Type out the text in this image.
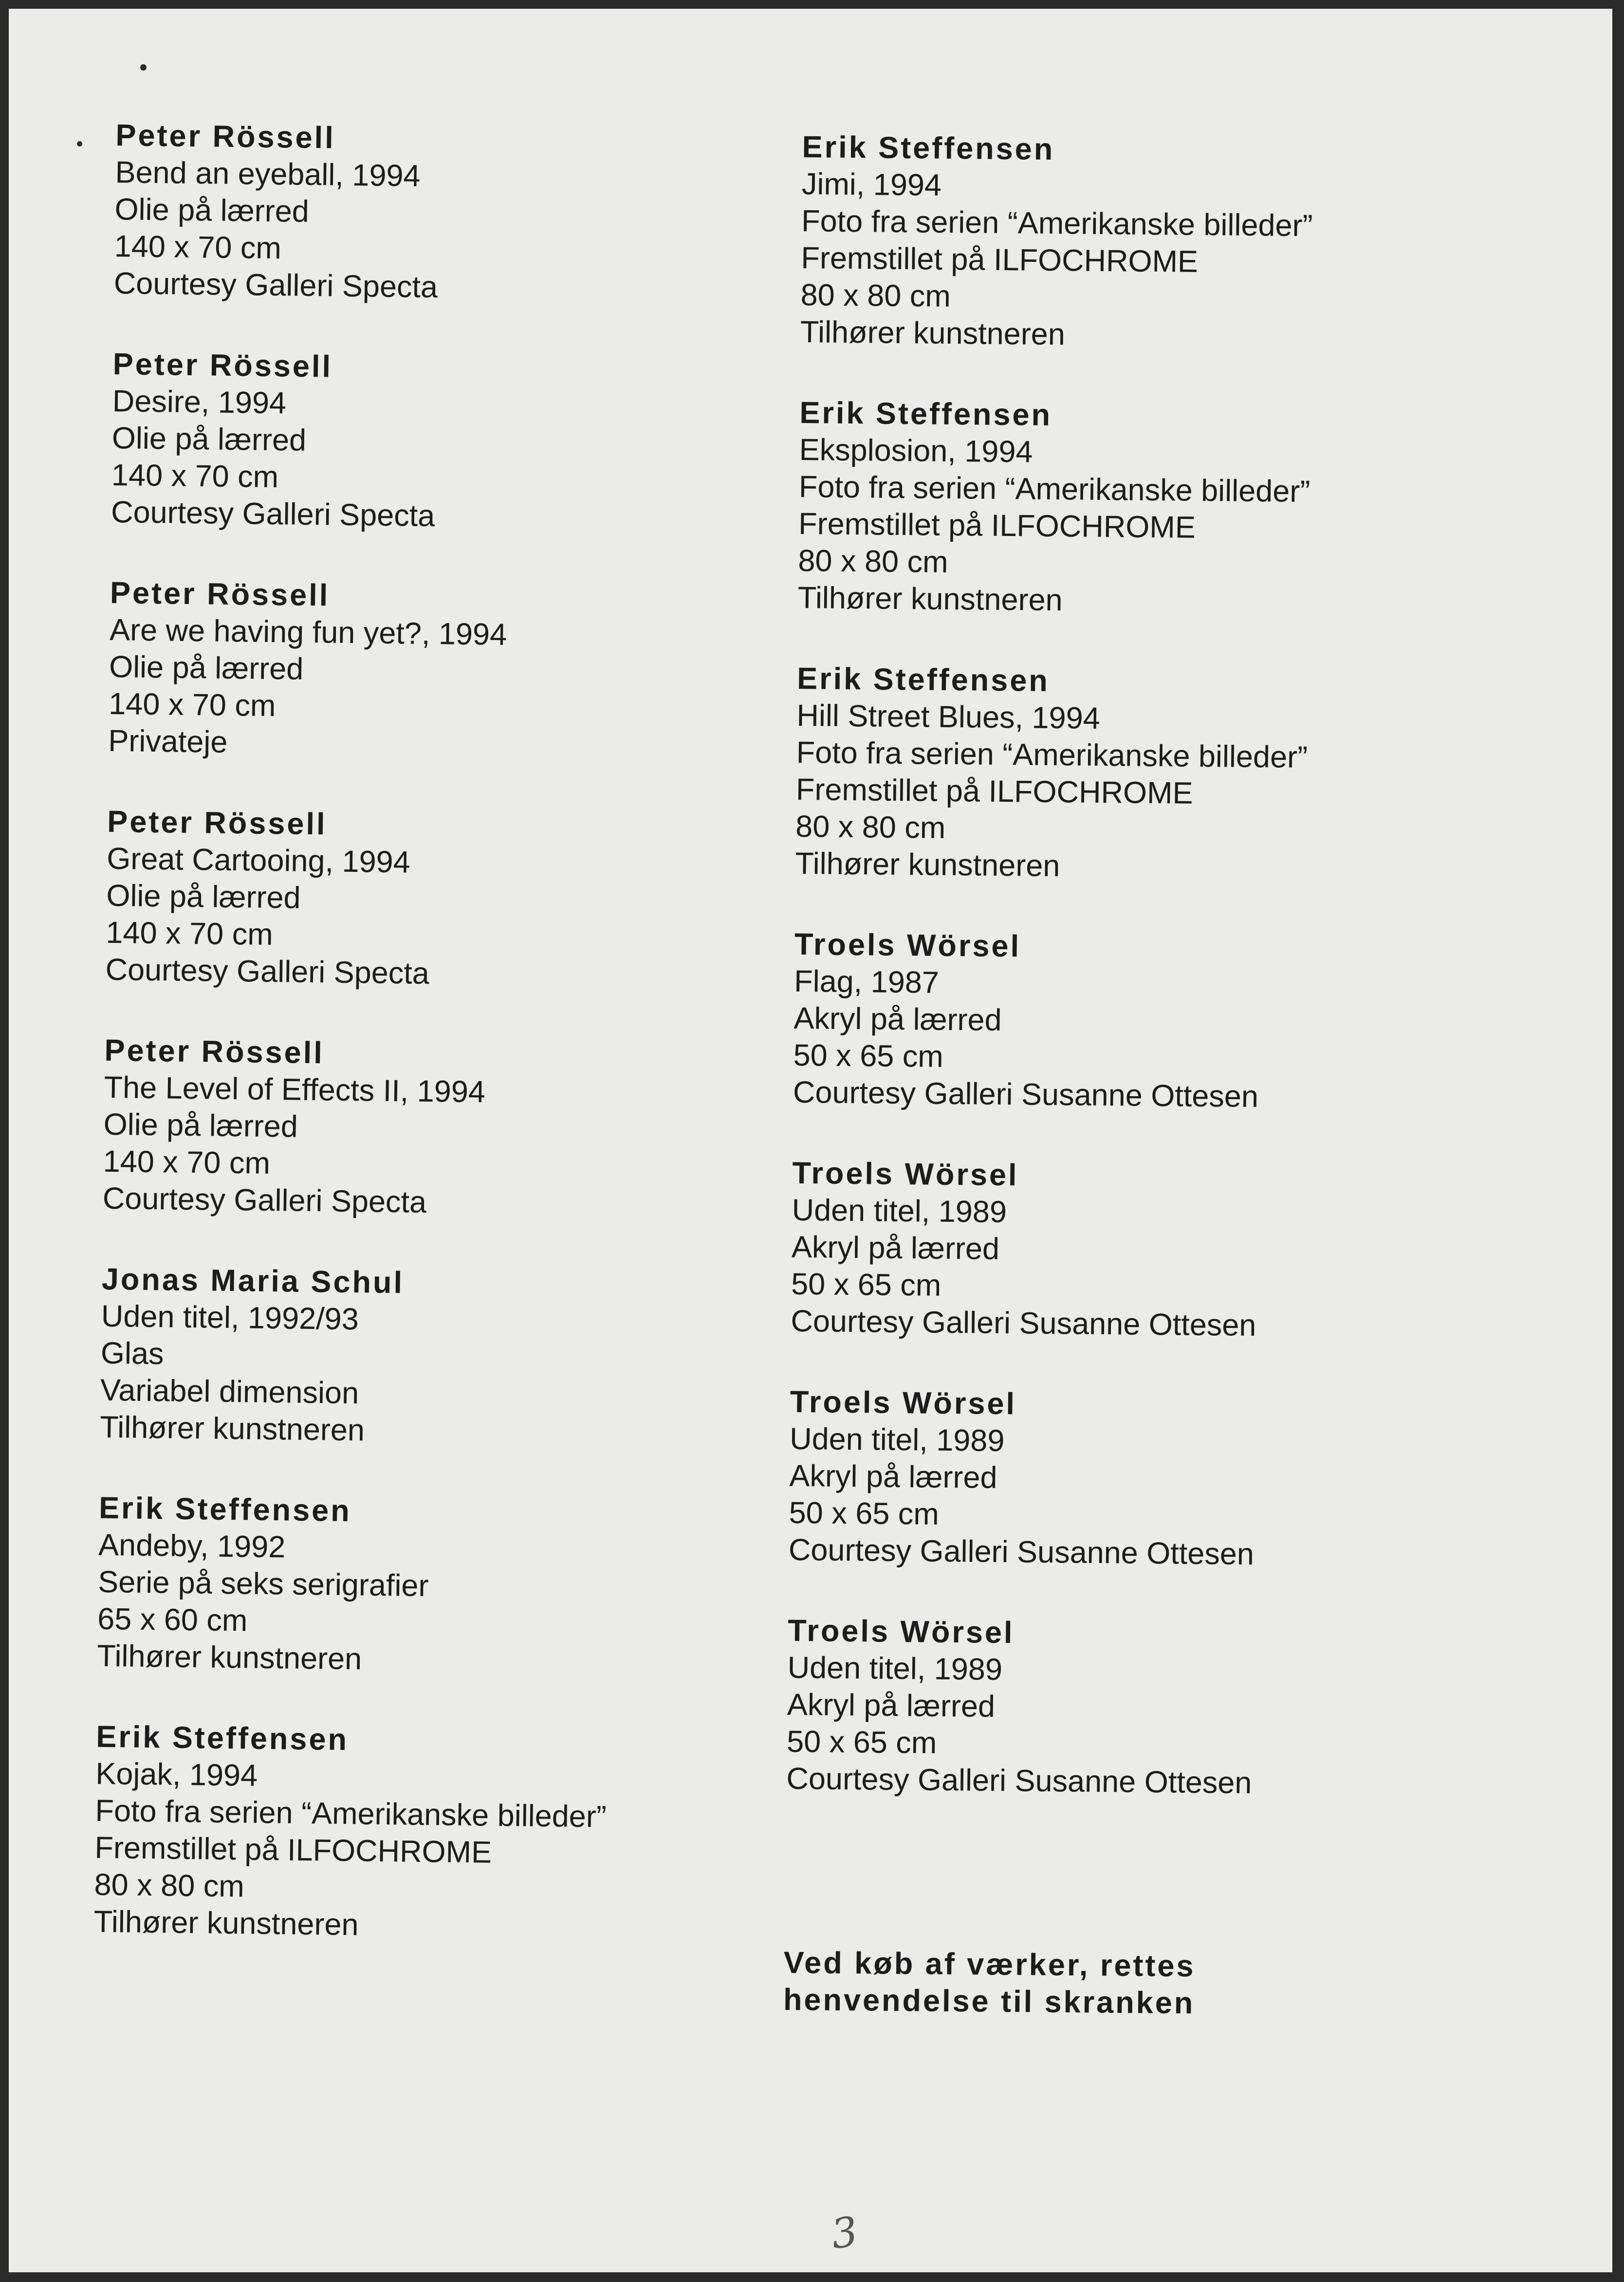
Peter Rössell
Bend an eyeball, 1994
Olie på lærred
140 x 70 cm
Courtesy Galleri Specta
Peter Rössell
Desire, 1994
Olie på lærred
140 x 70 cm
Courtesy Galleri Specta
Peter Rössell
Are we having fun yet?, 1994
Olie på lærred
140 x 70 cm
Privateje
Peter Rössell
Great Cartooing, 1994
Olie på lærred
140 x 70 cm
Courtesy Galleri Specta
Peter Rössell
The Level of Effects II, 1994
Olie på lærred
140 x 70 cm
Courtesy Galleri Specta
Jonas Maria Schul
Uden titel, 1992/93
Glas
Variabel dimension
Tilhører kunstneren
Erik Steffensen
Andeby, 1992
Serie på seks serigrafier
65 x 60 cm
Tilhører kunstneren
Erik Steffensen
Kojak, 1994
Foto fra serien “Amerikanske billeder”
Fremstillet på ILFOCHROME
80 x 80 cm
Tilhører kunstneren
Erik Steffensen
Jimi, 1994
Foto fra serien “Amerikanske billeder”
Fremstillet på ILFOCHROME
80 x 80 cm
Tilhører kunstneren
Erik Steffensen
Eksplosion, 1994
Foto fra serien “Amerikanske billeder”
Fremstillet på ILFOCHROME
80 x 80 cm
Tilhører kunstneren
Erik Steffensen
Hill Street Blues, 1994
Foto fra serien “Amerikanske billeder”
Fremstillet på ILFOCHROME
80 x 80 cm
Tilhører kunstneren
Troels Wörsel
Flag, 1987
Akryl på lærred
50 x 65 cm
Courtesy Galleri Susanne Ottesen
Troels Wörsel
Uden titel, 1989
Akryl på lærred
50 x 65 cm
Courtesy Galleri Susanne Ottesen
Troels Wörsel
Uden titel, 1989
Akryl på lærred
50 x 65 cm
Courtesy Galleri Susanne Ottesen
Troels Wörsel
Uden titel, 1989
Akryl på lærred
50 x 65 cm
Courtesy Galleri Susanne Ottesen
Ved køb af værker, rettes
henvendelse til skranken
3
